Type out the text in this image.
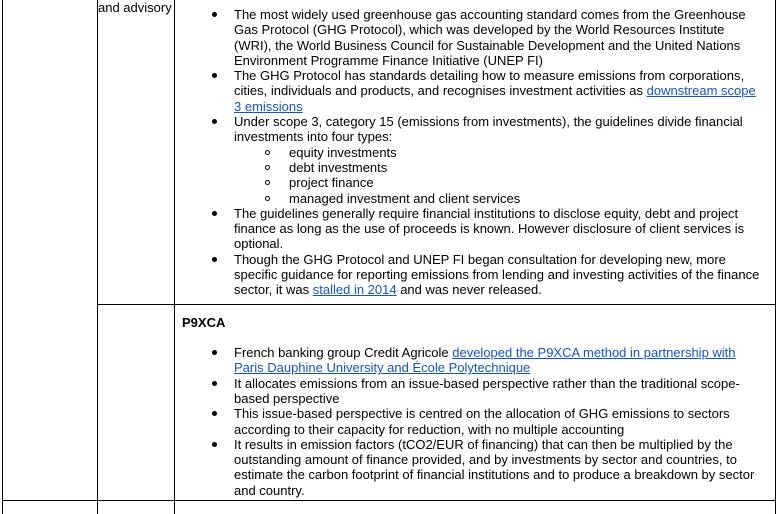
and advisory	The most widely used greenhouse gas accounting standard comes from the Greenhouse Gas Protocol (GHG Protocol), which was developed by the World Resources Institute (WRI), the World Business Council for Sustainable Development and the United Nations Environment Programme Finance Initiative (UNEP FI)
The GHG Protocol has standards detailing how to measure emissions from corporations, cities, individuals and products, and recognises investment activities as downstream scope 3 emissions
Under scope 3, category 15 (emissions from investments), the guidelines divide financial investments into four types:
equity investments
debt investments
project finance
managed investment and client services
The guidelines generally require financial institutions to disclose equity, debt and project finance as long as the use of proceeds is known. However disclosure of client services is optional.
Though the GHG Protocol and UNEP FI began consultation for developing new, more specific guidance for reporting emissions from lending and investing activities of the finance sector, it was stalled in 2014 and was never released.

P9XCA
French banking group Credit Agricole developed the P9XCA method in partnership with Paris Dauphine University and École Polytechnique
It allocates emissions from an issue-based perspective rather than the traditional scope-based perspective
This issue-based perspective is centred on the allocation of GHG emissions to sectors according to their capacity for reduction, with no multiple accounting
It results in emission factors (tCO2/EUR of financing) that can then be multiplied by the outstanding amount of finance provided, and by investments by sector and countries, to estimate the carbon footprint of financial institutions and to produce a breakdown by sector and country.
